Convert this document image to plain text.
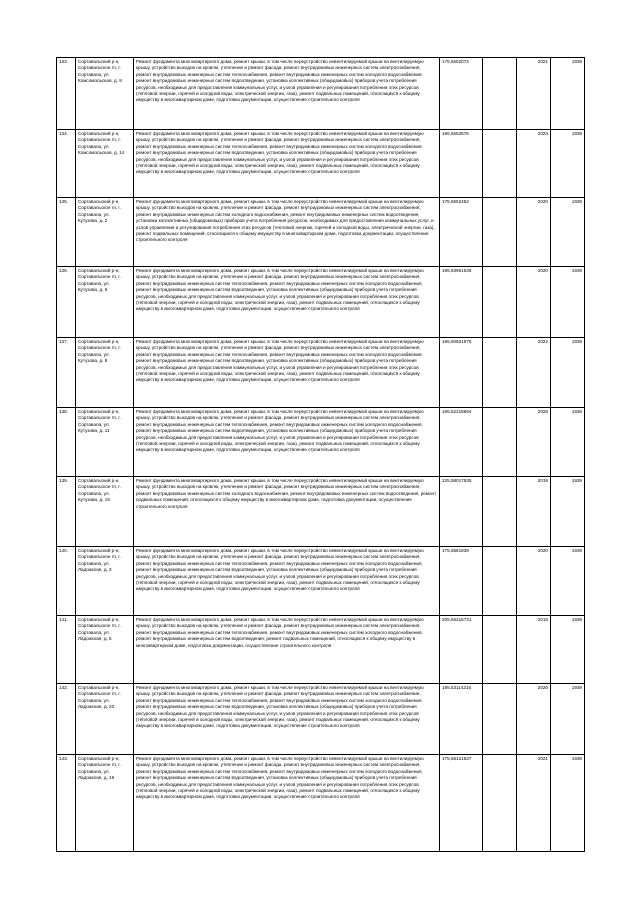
133.	Сортавальский р-н, Сортавальское гп, г. Сортавала, ул. Комсомольская, д. 8	Ремонт фундамента многоквартирного дома, ремонт крыши, в том числе переустройство невентилируемой крыши на вентилируемую крышу, устройство выходов на кровлю, утепление и ремонт фасада, ремонт внутридомовых инженерных систем электроснабжения, ремонт внутридомовых инженерных систем теплоснабжения, ремонт внутридомовых инженерных систем холодного водоснабжения, ремонт внутридомовых инженерных систем водоотведения, установка коллективных (общедомовых) приборов учета потребления ресурсов, необходимых для предоставления коммунальных услуг, и узлов управления и регулирования потребления этих ресурсов (тепловой энергии, горячей и холодной воды, электрической энергии, газа), ремонт подвальных помещений, относящихся к общему имуществу в многоквартирном доме, подготовка документации, осуществление строительного контроля	175,5552074		2021	1939
134.	Сортавальский р-н, Сортавальское гп, г. Сортавала, ул. Комсомольская, д. 14	Ремонт фундамента многоквартирного дома, ремонт крыши, в том числе переустройство невентилируемой крыши на вентилируемую крышу, устройство выходов на кровлю, утепление и ремонт фасада, ремонт внутридомовых инженерных систем электроснабжения, ремонт внутридомовых инженерных систем теплоснабжения, ремонт внутридомовых инженерных систем холодного водоснабжения, ремонт внутридомовых инженерных систем водоотведения, установка коллективных (общедомовых) приборов учета потребления ресурсов, необходимых для предоставления коммунальных услуг, и узлов управления и регулирования потребления этих ресурсов (тепловой энергии, горячей и холодной воды, электрической энергии, газа), ремонт подвальных помещений, относящихся к общему имуществу в многоквартирном доме, подготовка документации, осуществление строительного контроля	195,5552676		2023	1939
135.	Сортавальский р-н, Сортавальское гп, г. Сортавала, ул. Кутузова, д. 2	Ремонт фундамента многоквартирного дома, ремонт крыши, в том числе переустройство невентилируемой крыши на вентилируемую крышу, устройство выходов на кровлю, утепление и ремонт фасада, ремонт внутридомовых инженерных систем электроснабжения, ремонт внутридомовых инженерных систем холодного водоснабжения, ремонт внутридомовых инженерных систем водоотведения, установка коллективных (общедомовых) приборов учета потребления ресурсов, необходимых для предоставления коммунальных услуг, и узлов управления и регулирования потребления этих ресурсов (тепловой энергии, горячей и холодной воды, электрической энергии, газа), ремонт подвальных помещений, относящихся к общему имуществу в многоквартирном доме, подготовка документации, осуществление строительного контроля	175,5552452		2020	1939
136.	Сортавальский р-н, Сортавальское гп, г. Сортавала, ул. Кутузова, д. 6	Ремонт фундамента многоквартирного дома, ремонт крыши, в том числе переустройство невентилируемой крыши на вентилируемую крышу, устройство выходов на кровлю, утепление и ремонт фасада, ремонт внутридомовых инженерных систем электроснабжения, ремонт внутридомовых инженерных систем теплоснабжения, ремонт внутридомовых инженерных систем холодного водоснабжения, ремонт внутридомовых инженерных систем водоотведения, установка коллективных (общедомовых) приборов учета потребления ресурсов, необходимых для предоставления коммунальных услуг, и узлов управления и регулирования потребления этих ресурсов (тепловой энергии, горячей и холодной воды, электрической энергии, газа), ремонт подвальных помещений, относящихся к общему имуществу в многоквартирном доме, подготовка документации, осуществление строительного контроля	195,53961536		2020	1939
137.	Сортавальский р-н, Сортавальское гп, г. Сортавала, ул. Кутузова, д. 8	Ремонт фундамента многоквартирного дома, ремонт крыши, в том числе переустройство невентилируемой крыши на вентилируемую крышу, устройство выходов на кровлю, утепление и ремонт фасада, ремонт внутридомовых инженерных систем электроснабжения, ремонт внутридомовых инженерных систем теплоснабжения, ремонт внутридомовых инженерных систем холодного водоснабжения, ремонт внутридомовых инженерных систем водоотведения, установка коллективных (общедомовых) приборов учета потребления ресурсов, необходимых для предоставления коммунальных услуг, и узлов управления и регулирования потребления этих ресурсов (тепловой энергии, горячей и холодной воды, электрической энергии, газа), ремонт подвальных помещений, относящихся к общему имуществу в многоквартирном доме, подготовка документации, осуществление строительного контроля	195,50601975		2022	1939
138.	Сортавальский р-н, Сортавальское гп, г. Сортавала, ул. Кутузова, д. 11	Ремонт фундамента многоквартирного дома, ремонт крыши, в том числе переустройство невентилируемой крыши на вентилируемую крышу, устройство выходов на кровлю, утепление и ремонт фасада, ремонт внутридомовых инженерных систем электроснабжения, ремонт внутридомовых инженерных систем теплоснабжения, ремонт внутридомовых инженерных систем холодного водоснабжения, ремонт внутридомовых инженерных систем водоотведения, установка коллективных (общедомовых) приборов учета потребления ресурсов, необходимых для предоставления коммунальных услуг, и узлов управления и регулирования потребления этих ресурсов (тепловой энергии, горячей и холодной воды, электрической энергии, газа), ремонт подвальных помещений, относящихся к общему имуществу в многоквартирном доме, подготовка документации, осуществление строительного контроля	195,52318694		2028	1938
139.	Сортавальский р-н, Сортавальское гп, г. Сортавала, ул. Кутузова, д. 15	Ремонт фундамента многоквартирного дома, ремонт крыши, в том числе переустройство невентилируемой крыши на вентилируемую крышу, устройство выходов на кровлю, утепление и ремонт фасада, ремонт внутридомовых инженерных систем электроснабжения, ремонт внутридомовых инженерных систем холодного водоснабжения, ремонт внутридомовых инженерных систем водоотведения, ремонт подвальных помещений, относящихся к общему имуществу в многоквартирном доме, подготовка документации, осуществление строительного контроля	225,58017935		2019	1939
140.	Сортавальский р-н, Сортавальское гп, г. Сортавала, ул. Ладожская, д. 3	Ремонт фундамента многоквартирного дома, ремонт крыши, в том числе переустройство невентилируемой крыши на вентилируемую крышу, устройство выходов на кровлю, утепление и ремонт фасада, ремонт внутридомовых инженерных систем электроснабжения, ремонт внутридомовых инженерных систем теплоснабжения, ремонт внутридомовых инженерных систем холодного водоснабжения, ремонт внутридомовых инженерных систем водоотведения, установка коллективных (общедомовых) приборов учета потребления ресурсов, необходимых для предоставления коммунальных услуг, и узлов управления и регулирования потребления этих ресурсов (тепловой энергии, горячей и холодной воды, электрической энергии, газа), ремонт подвальных помещений, относящихся к общему имуществу в многоквартирном доме, подготовка документации, осуществление строительного контроля	175,5561839		2020	1939
141.	Сортавальский р-н, Сортавальское гп, г. Сортавала, ул. Ладожская, д. 5	Ремонт фундамента многоквартирного дома, ремонт крыши, в том числе переустройство невентилируемой крыши на вентилируемую крышу, устройство выходов на кровлю, утепление и ремонт фасада, ремонт внутридомовых инженерных систем электроснабжения, ремонт внутридомовых инженерных систем теплоснабжения, ремонт внутридомовых инженерных систем холодного водоснабжения, ремонт внутридомовых инженерных систем водоотведения, ремонт подвальных помещений, относящихся к общему имуществу в многоквартирном доме, подготовка документации, осуществление строительного контроля	205,56316731		2019	1939
142.	Сортавальский р-н, Сортавальское гп, г. Сортавала, ул. Ладожская, д. 20	Ремонт фундамента многоквартирного дома, ремонт крыши, в том числе переустройство невентилируемой крыши на вентилируемую крышу, устройство выходов на кровлю, утепление и ремонт фасада, ремонт внутридомовых инженерных систем электроснабжения, ремонт внутридомовых инженерных систем теплоснабжения, ремонт внутридомовых инженерных систем холодного водоснабжения, ремонт внутридомовых инженерных систем водоотведения, установка коллективных (общедомовых) приборов учета потребления ресурсов, необходимых для предоставления коммунальных услуг, и узлов управления и регулирования потребления этих ресурсов (тепловой энергии, горячей и холодной воды, электрической энергии, газа), ремонт подвальных помещений, относящихся к общему имуществу в многоквартирном доме, подготовка документации, осуществление строительного контроля	195,53114316		2026	1939
143.	Сортавальский р-н, Сортавальское гп, г. Сортавала, ул. Ладожская, д. 19	Ремонт фундамента многоквартирного дома, ремонт крыши, в том числе переустройство невентилируемой крыши на вентилируемую крышу, устройство выходов на кровлю, утепление и ремонт фасада, ремонт внутридомовых инженерных систем электроснабжения, ремонт внутридомовых инженерных систем теплоснабжения, ремонт внутридомовых инженерных систем холодного водоснабжения, ремонт внутридомовых инженерных систем водоотведения, установка коллективных (общедомовых) приборов учета потребления ресурсов, необходимых для предоставления коммунальных услуг, и узлов управления и регулирования потребления этих ресурсов (тепловой энергии, горячей и холодной воды, электрической энергии, газа), ремонт подвальных помещений, относящихся к общему имуществу в многоквартирном доме, подготовка документации, осуществление строительного контроля	175,56121637		2021	1938
